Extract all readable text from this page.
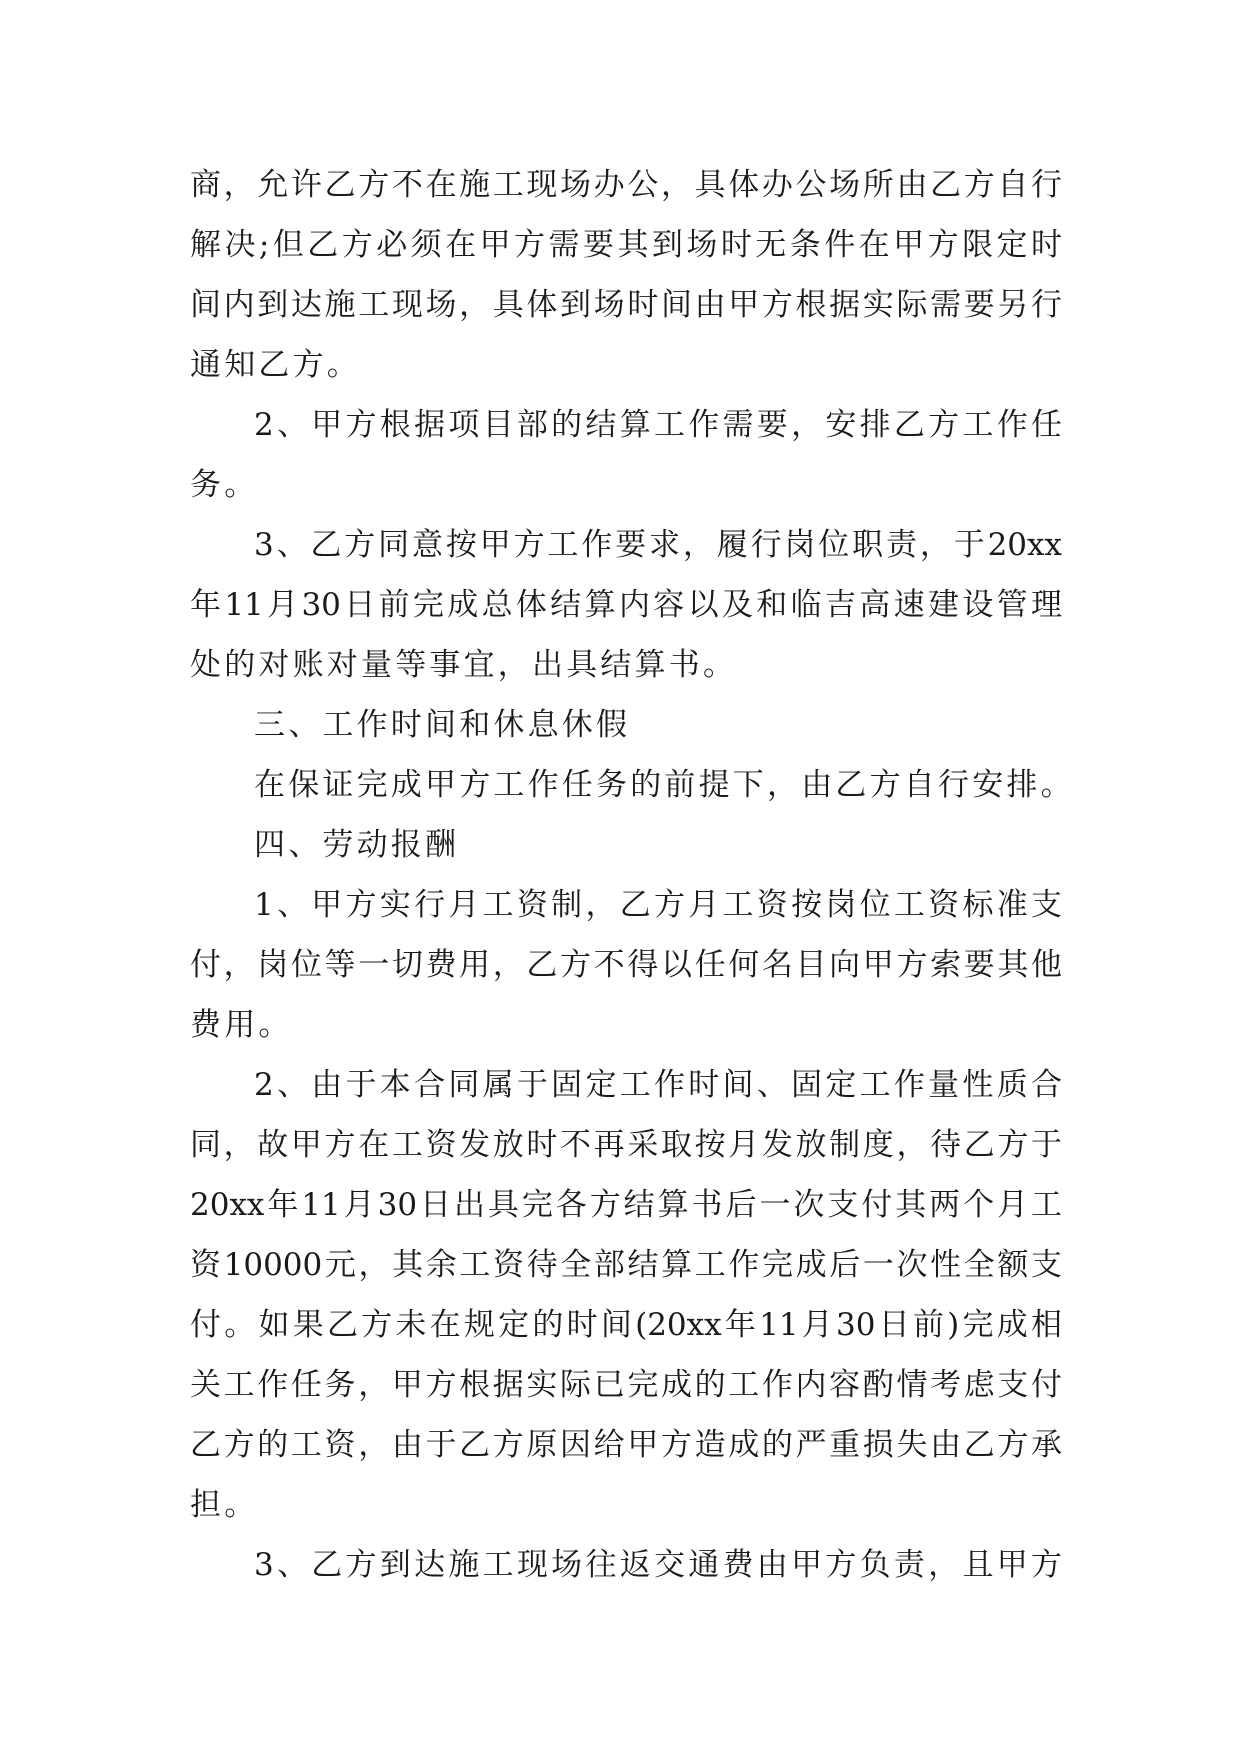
商，允许乙方不在施工现场办公，具体办公场所由乙方自行
解决;但乙方必须在甲方需要其到场时无条件在甲方限定时
间内到达施工现场，具体到场时间由甲方根据实际需要另行
通知乙方。
2、甲方根据项目部的结算工作需要，安排乙方工作任
务。
3、乙方同意按甲方工作要求，履行岗位职责，于20xx
年11月30日前完成总体结算内容以及和临吉高速建设管理
处的对账对量等事宜，出具结算书。
三、工作时间和休息休假
在保证完成甲方工作任务的前提下，由乙方自行安排。
四、劳动报酬
1、甲方实行月工资制，乙方月工资按岗位工资标准支
付，岗位等一切费用，乙方不得以任何名目向甲方索要其他
费用。
2、由于本合同属于固定工作时间、固定工作量性质合
同，故甲方在工资发放时不再采取按月发放制度，待乙方于
20xx年11月30日出具完各方结算书后一次支付其两个月工
资10000元，其余工资待全部结算工作完成后一次性全额支
付。如果乙方未在规定的时间(20xx年11月30日前)完成相
关工作任务，甲方根据实际已完成的工作内容酌情考虑支付
乙方的工资，由于乙方原因给甲方造成的严重损失由乙方承
担。
3、乙方到达施工现场往返交通费由甲方负责，且甲方
